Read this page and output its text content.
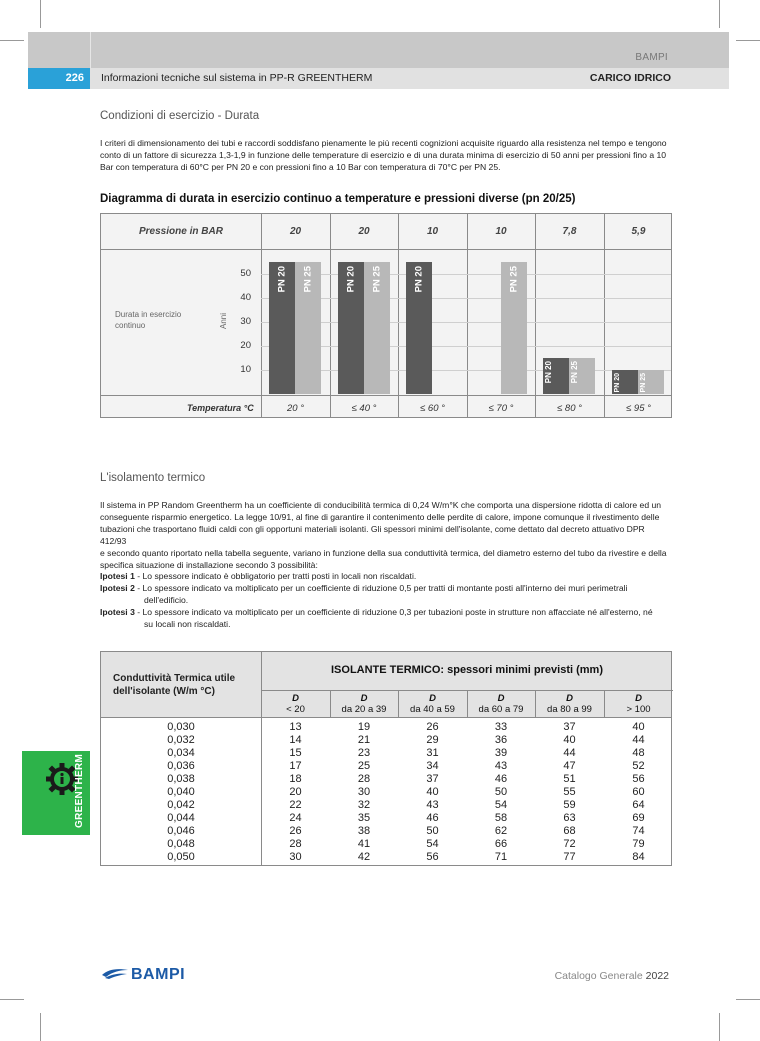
BAMPI
226	Informazioni tecniche sul sistema in PP-R GREENTHERM	CARICO IDRICO
Condizioni di esercizio - Durata
I criteri di dimensionamento dei tubi e raccordi soddisfano pienamente le più recenti cognizioni acquisite riguardo alla resistenza nel tempo e tengono conto di un fattore di sicurezza 1,3-1,9 in funzione delle temperature di esercizio e di una durata minima di esercizio di 50 anni per pressioni fino a 10 Bar con temperatura di 60°C per PN 20 e con pressioni fino a 10 Bar con temperatura di 70°C per PN 25.
Diagramma di durata in esercizio continuo a temperature e pressioni diverse (pn 20/25)
Pressione in BAR
Temperatura °C
Durata in esercizio continuo	Anni
10
20
30
40
50
20	20	10	10	7,8	5,9
20 °	≤ 40 °	≤ 60 °	≤ 70 °	≤ 80 °	≤ 95 °
PN 20	PN 20	PN 20
PN 20	PN 20
PN 25	PN 25	PN 25
PN 25	PN 25
L'isolamento termico
Il sistema in PP Random Greentherm ha un coefficiente di conducibilità termica di 0,24 W/m°K che comporta una dispersione ridotta di calore ed un
conseguente risparmio energetico. La legge 10/91, al fine di garantire il contenimento delle perdite di calore, impone comunque il rivestimento delle
tubazioni che trasportano fluidi caldi con gli opportuni materiali isolanti. Gli spessori minimi dell'isolante, come dettato dal decreto attuativo DPR 412/93
e secondo quanto riportato nella tabella seguente, variano in funzione della sua conduttività termica, del diametro esterno del tubo da rivestire e della
specifica situazione di installazione secondo 3 possibilità:
Ipotesi 1 - Lo spessore indicato è obbligatorio per tratti posti in locali non riscaldati.
Ipotesi 2 - Lo spessore indicato va moltiplicato per un coefficiente di riduzione 0,5 per tratti di montante posti all'interno dei muri perimetrali
dell'edificio.
Ipotesi 3 - Lo spessore indicato va moltiplicato per un coefficiente di riduzione 0,3 per tubazioni poste in strutture non affacciate né all'esterno, né
su locali non riscaldati.
Conduttività Termica utile dell'isolante (W/m °C)
ISOLANTE TERMICO: spessori minimi previsti (mm)
D
< 20
D
da 20 a 39
D
da 40 a 59
D
da 60 a 79
D
da 80 a 99
D
> 100
0,030	13	19	26	33	37	40
0,032	14	21	29	36	40	44
0,034	15	23	31	39	44	48
0,036	17	25	34	43	47	52
0,038	18	28	37	46	51	56
0,040	20	30	40	50	55	60
0,042	22	32	43	54	59	64
0,044	24	35	46	58	63	69
0,046	26	38	50	62	68	74
0,048	28	41	54	66	72	79
0,050	30	42	56	71	77	84
GREENTHERM
BAMPI	Catalogo Generale 2022
